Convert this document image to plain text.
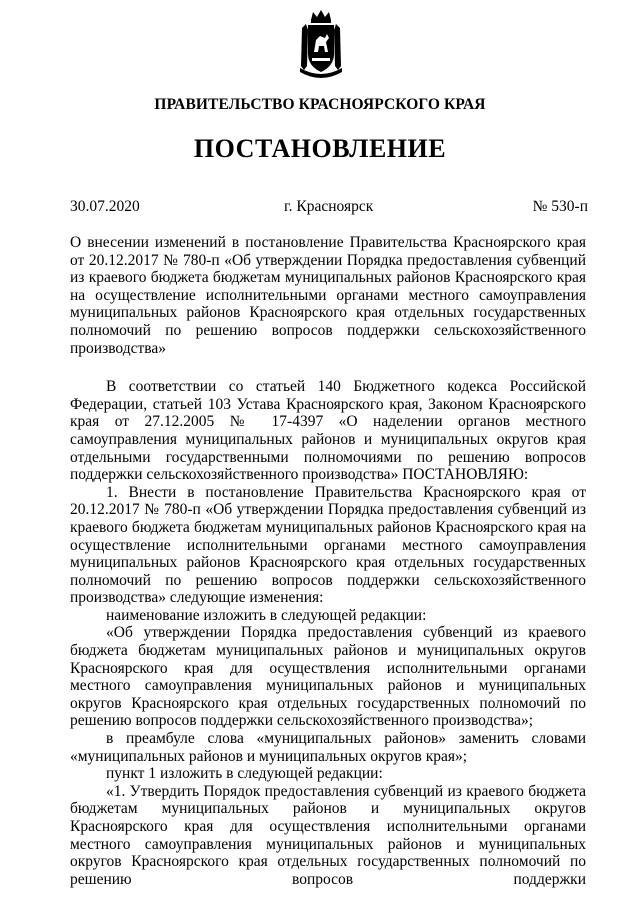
ПРАВИТЕЛЬСТВО КРАСНОЯРСКОГО КРАЯ
ПОСТАНОВЛЕНИЕ
30.07.2020	г. Красноярск	№ 530-п

О внесении изменений в постановление Правительства Красноярского края от 20.12.2017 № 780-п «Об утверждении Порядка предоставления субвенций из краевого бюджета бюджетам муниципальных районов Красноярского края на осуществление исполнительными органами местного самоуправления муниципальных районов Красноярского края отдельных государственных полномочий по решению вопросов поддержки сельскохозяйственного производства»

В соответствии со статьей 140 Бюджетного кодекса Российской Федерации, статьей 103 Устава Красноярского края, Законом Красноярского края от 27.12.2005 № 17-4397 «О наделении органов местного самоуправления муниципальных районов и муниципальных округов края отдельными государственными полномочиями по решению вопросов поддержки сельскохозяйственного производства» ПОСТАНОВЛЯЮ:

1. Внести в постановление Правительства Красноярского края от 20.12.2017 № 780-п «Об утверждении Порядка предоставления субвенций из краевого бюджета бюджетам муниципальных районов Красноярского края на осуществление исполнительными органами местного самоуправления муниципальных районов Красноярского края отдельных государственных полномочий по решению вопросов поддержки сельскохозяйственного производства» следующие изменения:

наименование изложить в следующей редакции:

«Об утверждении Порядка предоставления субвенций из краевого бюджета бюджетам муниципальных районов и муниципальных округов Красноярского края для осуществления исполнительными органами местного самоуправления муниципальных районов и муниципальных округов Красноярского края отдельных государственных полномочий по решению вопросов поддержки сельскохозяйственного производства»;

в преамбуле слова «муниципальных районов» заменить словами «муниципальных районов и муниципальных округов края»;

пункт 1 изложить в следующей редакции:

«1. Утвердить Порядок предоставления субвенций из краевого бюджета бюджетам муниципальных районов и муниципальных округов Красноярского края для осуществления исполнительными органами местного самоуправления муниципальных районов и муниципальных округов Красноярского края отдельных государственных полномочий по решению вопросов поддержки
